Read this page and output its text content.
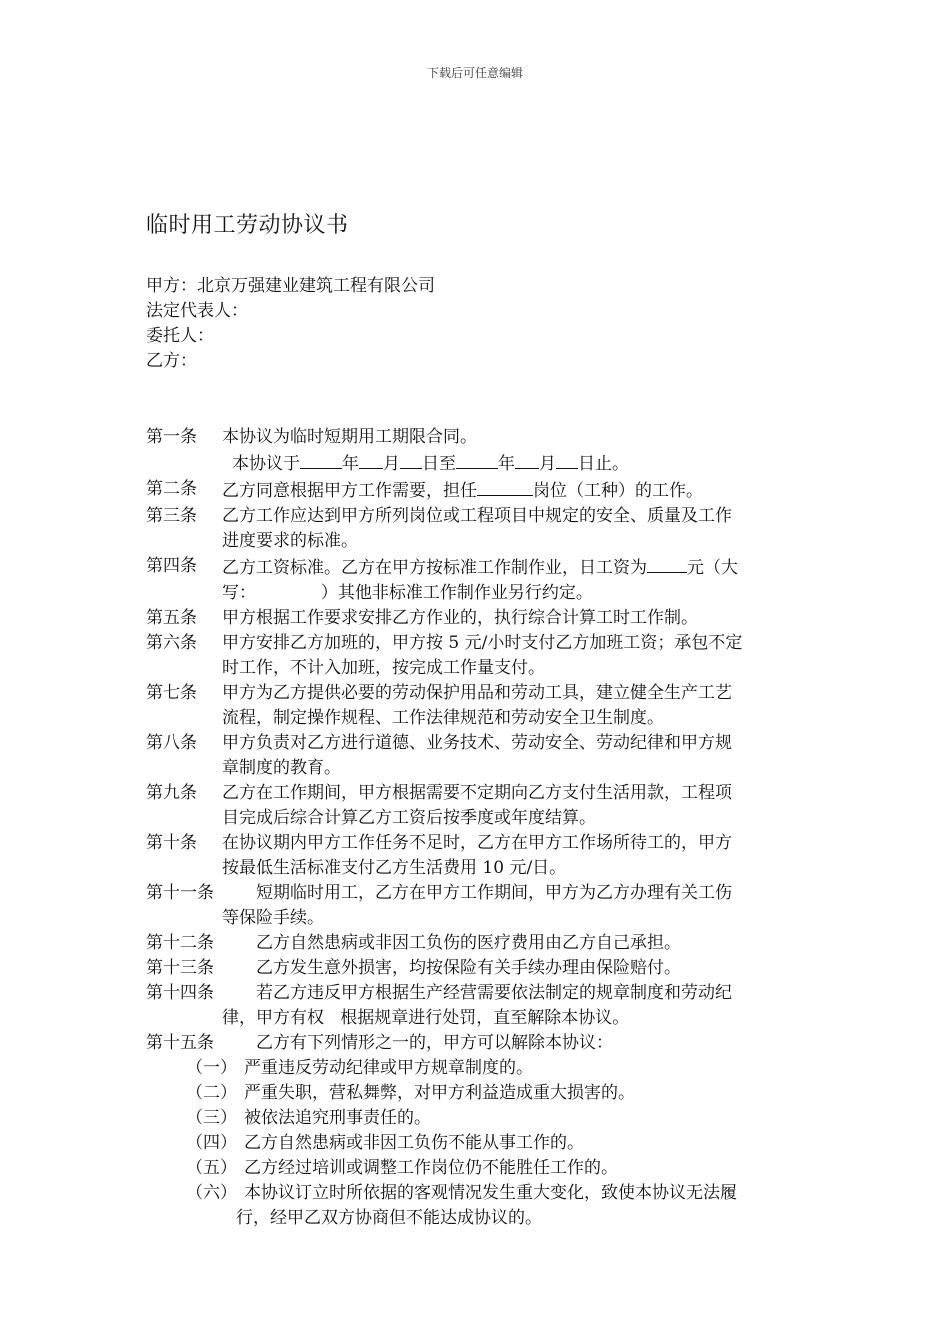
下载后可任意编辑
临时用工劳动协议书
甲方：北京万强建业建筑工程有限公司
法定代表人：
委托人：
乙方：
第一条	本协议为临时短期用工期限合同。
本协议于 年 月 日至 年 月 日止。
第二条	乙方同意根据甲方工作需要，担任	岗位（工种）的工作。
第三条	乙方工作应达到甲方所列岗位或工程项目中规定的安全、质量及工作
进度要求的标准。
第四条	乙方工资标准。乙方在甲方按标准工作制作业，日工资为 元（大
写：            ）其他非标准工作制作业另行约定。
第五条	甲方根据工作要求安排乙方作业的，执行综合计算工时工作制。
第六条	甲方安排乙方加班的，甲方按 5 元/小时支付乙方加班工资；承包不定
时工作，不计入加班，按完成工作量支付。
第七条	甲方为乙方提供必要的劳动保护用品和劳动工具，建立健全生产工艺
流程，制定操作规程、工作法律规范和劳动安全卫生制度。
第八条	甲方负责对乙方进行道德、业务技术、劳动安全、劳动纪律和甲方规
章制度的教育。
第九条	乙方在工作期间，甲方根据需要不定期向乙方支付生活用款，工程项
目完成后综合计算乙方工资后按季度或年度结算。
第十条	在协议期内甲方工作任务不足时，乙方在甲方工作场所待工的，甲方
按最低生活标准支付乙方生活费用 10 元/日。
第十一条 短期临时用工，乙方在甲方工作期间，甲方为乙方办理有关工伤
等保险手续。
第十二条 乙方自然患病或非因工负伤的医疗费用由乙方自己承担。
第十三条 乙方发生意外损害，均按保险有关手续办理由保险赔付。
第十四条 若乙方违反甲方根据生产经营需要依法制定的规章制度和劳动纪
律，甲方有权   根据规章进行处罚，直至解除本协议。
第十五条 乙方有下列情形之一的，甲方可以解除本协议：
（一） 严重违反劳动纪律或甲方规章制度的。
（二） 严重失职，营私舞弊，对甲方利益造成重大损害的。
（三） 被依法追究刑事责任的。
（四） 乙方自然患病或非因工负伤不能从事工作的。
（五） 乙方经过培训或调整工作岗位仍不能胜任工作的。
（六） 本协议订立时所依据的客观情况发生重大变化，致使本协议无法履
行，经甲乙双方协商但不能达成协议的。
